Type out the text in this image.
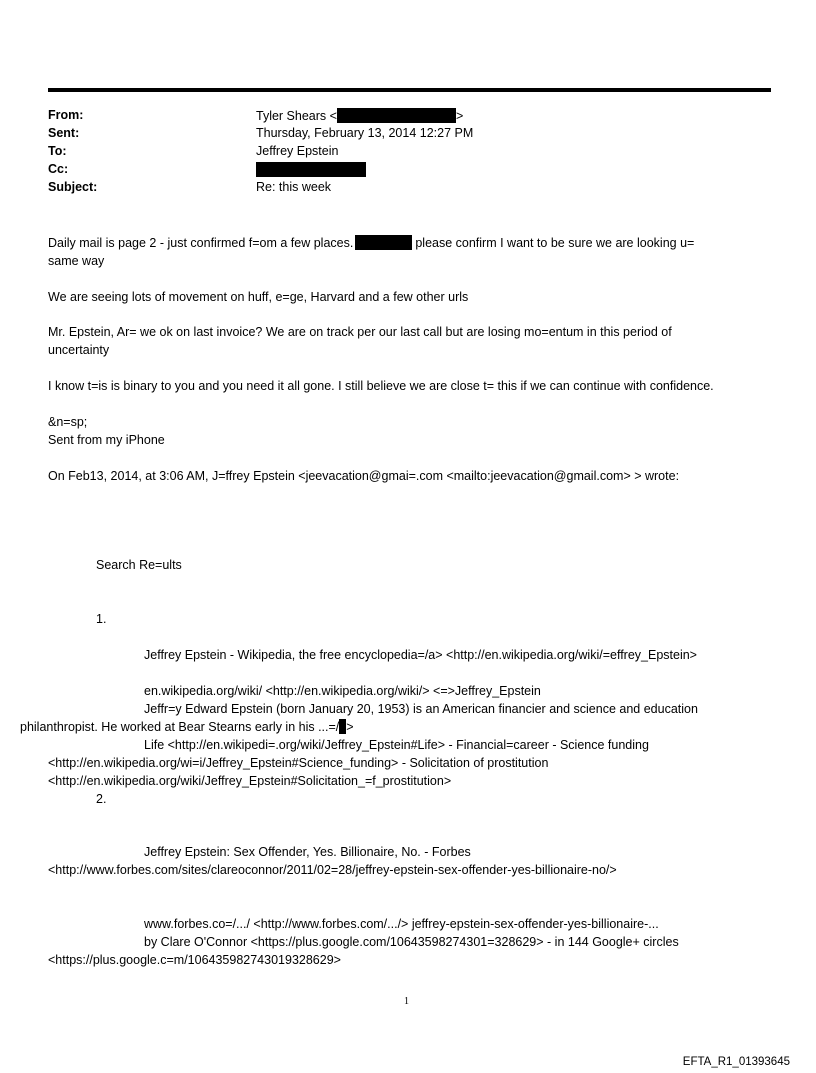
From:
Sent:
To:
Cc:
Subject:
Tyler Shears <	>
Thursday, February 13, 2014 12:27 PM
Jeffrey Epstein
Re: this week
Daily mail is page 2 - just confirmed f=om a few places.	please confirm I want to be sure we are looking u=
same way
We are seeing lots of movement on huff, e=ge, Harvard and a few other urls
Mr. Epstein, Ar= we ok on last invoice? We are on track per our last call but are losing mo=entum in this period of
uncertainty
I know t=is is binary to you and you need it all gone. I still believe we are close t= this if we can continue with confidence.
&n=sp;
Sent from my iPhone
On Feb13, 2014, at 3:06 AM, J=ffrey Epstein <jeevacation@gmai=.com <mailto:jeevacation@gmail.com> > wrote:
Search Re=ults
1.
Jeffrey Epstein - Wikipedia, the free encyclopedia=/a> <http://en.wikipedia.org/wiki/=effrey_Epstein>
en.wikipedia.org/wiki/ <http://en.wikipedia.org/wiki/> <=>Jeffrey_Epstein
Jeffr=y Edward Epstein (born January 20, 1953) is an American financier and science and education
philanthropist. He worked at Bear Stearns early in his ...=/ >
Life <http://en.wikipedi=.org/wiki/Jeffrey_Epstein#Life> - Financial=career - Science funding
<http://en.wikipedia.org/wi=i/Jeffrey_Epstein#Science_funding> - Solicitation of prostitution
<http://en.wikipedia.org/wiki/Jeffrey_Epstein#Solicitation_=f_prostitution>
2.
Jeffrey Epstein: Sex Offender, Yes. Billionaire, No. - Forbes
<http://www.forbes.com/sites/clareoconnor/2011/02=28/jeffrey-epstein-sex-offender-yes-billionaire-no/>
www.forbes.co=/.../ <http://www.forbes.com/.../> jeffrey-epstein-sex-offender-yes-billionaire-...
by Clare O'Connor <https://plus.google.com/10643598274301=328629> - in 144 Google+ circles
<https://plus.google.c=m/106435982743019328629>
1
EFTA_R1_01393645
